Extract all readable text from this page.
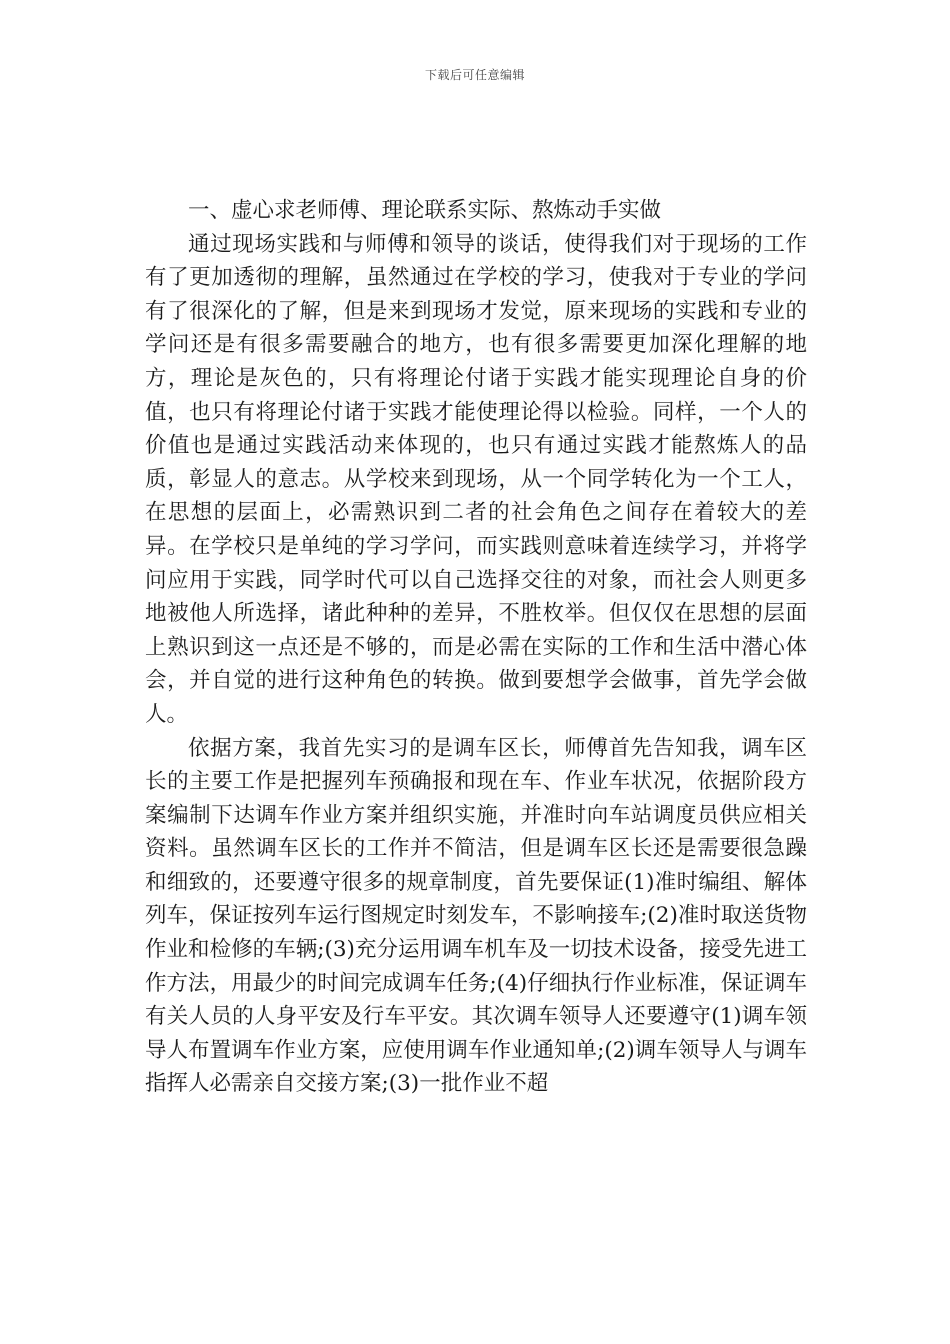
下载后可任意编辑

一、虚心求老师傅、理论联系实际、熬炼动手实做

通过现场实践和与师傅和领导的谈话，使得我们对于现场的工作有了更加透彻的理解，虽然通过在学校的学习，使我对于专业的学问有了很深化的了解，但是来到现场才发觉，原来现场的实践和专业的学问还是有很多需要融合的地方，也有很多需要更加深化理解的地方，理论是灰色的，只有将理论付诸于实践才能实现理论自身的价值，也只有将理论付诸于实践才能使理论得以检验。同样，一个人的价值也是通过实践活动来体现的，也只有通过实践才能熬炼人的品质，彰显人的意志。从学校来到现场，从一个同学转化为一个工人，在思想的层面上，必需熟识到二者的社会角色之间存在着较大的差异。在学校只是单纯的学习学问，而实践则意味着连续学习，并将学问应用于实践，同学时代可以自己选择交往的对象，而社会人则更多地被他人所选择，诸此种种的差异，不胜枚举。但仅仅在思想的层面上熟识到这一点还是不够的，而是必需在实际的工作和生活中潜心体会，并自觉的进行这种角色的转换。做到要想学会做事，首先学会做人。

依据方案，我首先实习的是调车区长，师傅首先告知我，调车区长的主要工作是把握列车预确报和现在车、作业车状况，依据阶段方案编制下达调车作业方案并组织实施，并准时向车站调度员供应相关资料。虽然调车区长的工作并不简洁，但是调车区长还是需要很急躁和细致的，还要遵守很多的规章制度，首先要保证(1)准时编组、解体列车，保证按列车运行图规定时刻发车，不影响接车;(2)准时取送货物作业和检修的车辆;(3)充分运用调车机车及一切技术设备，接受先进工作方法，用最少的时间完成调车任务;(4)仔细执行作业标准，保证调车有关人员的人身平安及行车平安。其次调车领导人还要遵守(1)调车领导人布置调车作业方案，应使用调车作业通知单;(2)调车领导人与调车指挥人必需亲自交接方案;(3)一批作业不超
